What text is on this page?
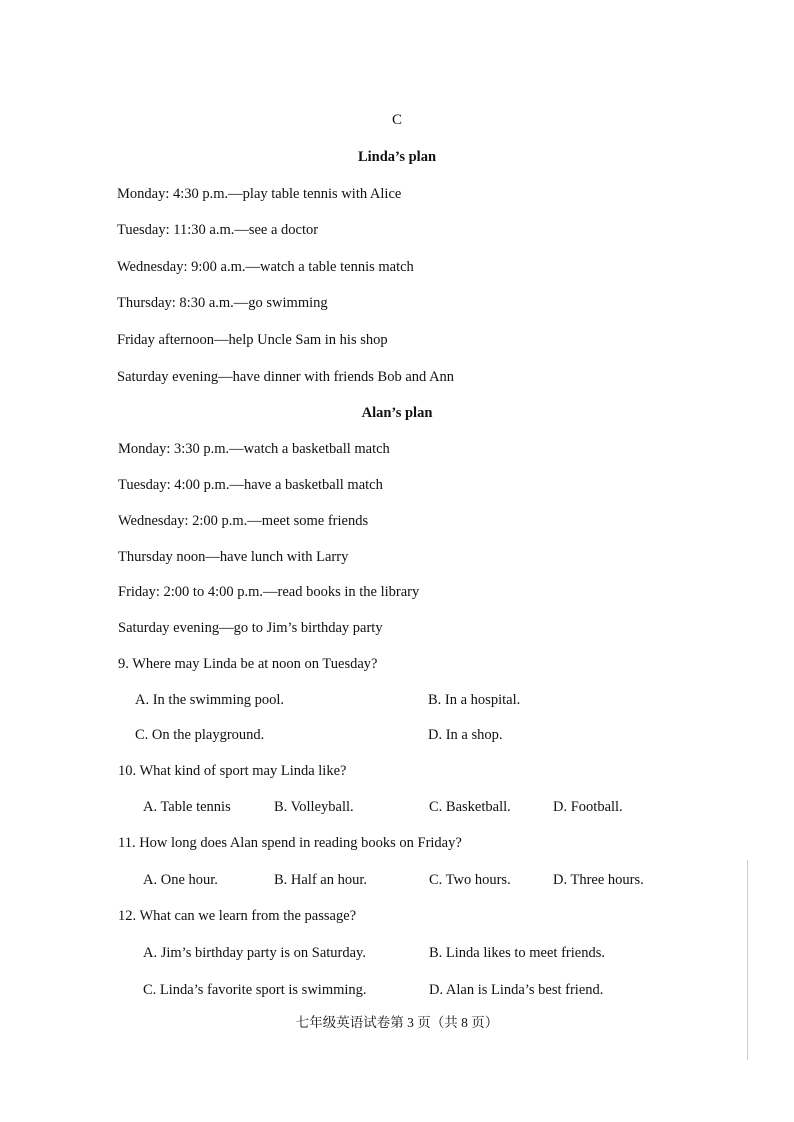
C
Linda’s plan
Monday: 4:30 p.m.—play table tennis with Alice
Tuesday: 11:30 a.m.—see a doctor
Wednesday: 9:00 a.m.—watch a table tennis match
Thursday: 8:30 a.m.—go swimming
Friday afternoon—help Uncle Sam in his shop
Saturday evening—have dinner with friends Bob and Ann
Alan’s plan
Monday: 3:30 p.m.—watch a basketball match
Tuesday: 4:00 p.m.—have a basketball match
Wednesday: 2:00 p.m.—meet some friends
Thursday noon—have lunch with Larry
Friday: 2:00 to 4:00 p.m.—read books in the library
Saturday evening—go to Jim’s birthday party
9. Where may Linda be at noon on Tuesday?
A. In the swimming pool.	B. In a hospital.
C. On the playground.	D. In a shop.
10. What kind of sport may Linda like?
A. Table tennis	B. Volleyball.	C. Basketball.	D. Football.
11. How long does Alan spend in reading books on Friday?
A. One hour.	B. Half an hour.	C. Two hours.	D. Three hours.
12. What can we learn from the passage?
A. Jim’s birthday party is on Saturday.	B. Linda likes to meet friends.
C. Linda’s favorite sport is swimming.	D. Alan is Linda’s best friend.
七年级英语试卷第 3 页（共 8 页）
